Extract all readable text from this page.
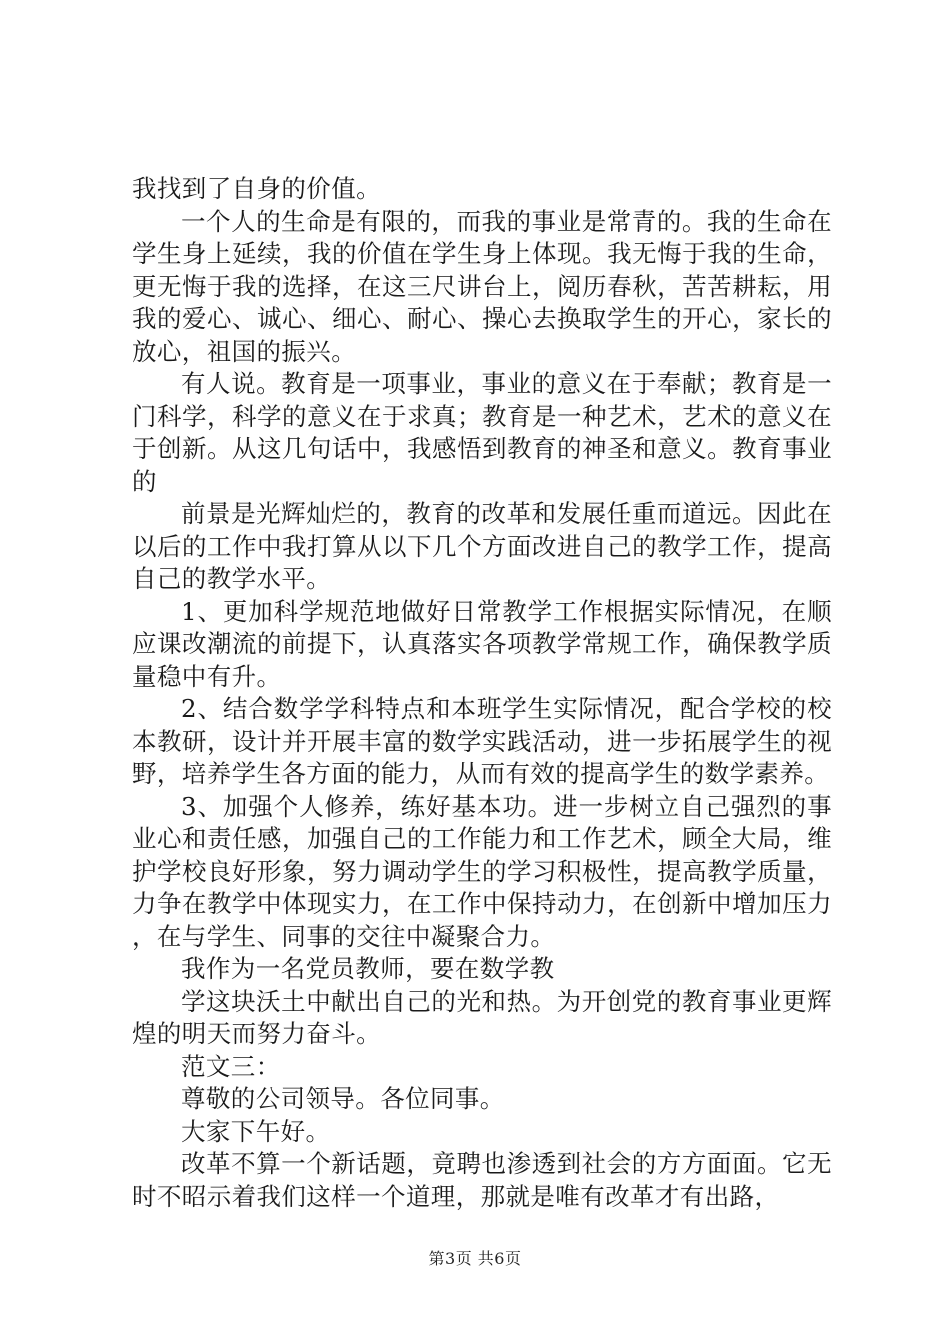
我找到了自身的价值。

一个人的生命是有限的，而我的事业是常青的。我的生命在学生身上延续，我的价值在学生身上体现。我无悔于我的生命，更无悔于我的选择，在这三尺讲台上，阅历春秋，苦苦耕耘，用我的爱心、诚心、细心、耐心、操心去换取学生的开心，家长的放心，祖国的振兴。

有人说。教育是一项事业，事业的意义在于奉献；教育是一门科学，科学的意义在于求真；教育是一种艺术，艺术的意义在于创新。从这几句话中，我感悟到教育的神圣和意义。教育事业的

前景是光辉灿烂的，教育的改革和发展任重而道远。因此在以后的工作中我打算从以下几个方面改进自己的教学工作，提高自己的教学水平。

1、更加科学规范地做好日常教学工作根据实际情况，在顺应课改潮流的前提下，认真落实各项教学常规工作，确保教学质量稳中有升。

2、结合数学学科特点和本班学生实际情况，配合学校的校本教研，设计并开展丰富的数学实践活动，进一步拓展学生的视野，培养学生各方面的能力，从而有效的提高学生的数学素养。

3、加强个人修养，练好基本功。进一步树立自己强烈的事业心和责任感，加强自己的工作能力和工作艺术，顾全大局，维护学校良好形象，努力调动学生的学习积极性，提高教学质量，力争在教学中体现实力，在工作中保持动力，在创新中增加压力，在与学生、同事的交往中凝聚合力。

我作为一名党员教师，要在数学教

学这块沃土中献出自己的光和热。为开创党的教育事业更辉煌的明天而努力奋斗。

范文三：

尊敬的公司领导。各位同事。

大家下午好。

改革不算一个新话题，竟聘也渗透到社会的方方面面。它无时不昭示着我们这样一个道理，那就是唯有改革才有出路，

第3页 共6页
